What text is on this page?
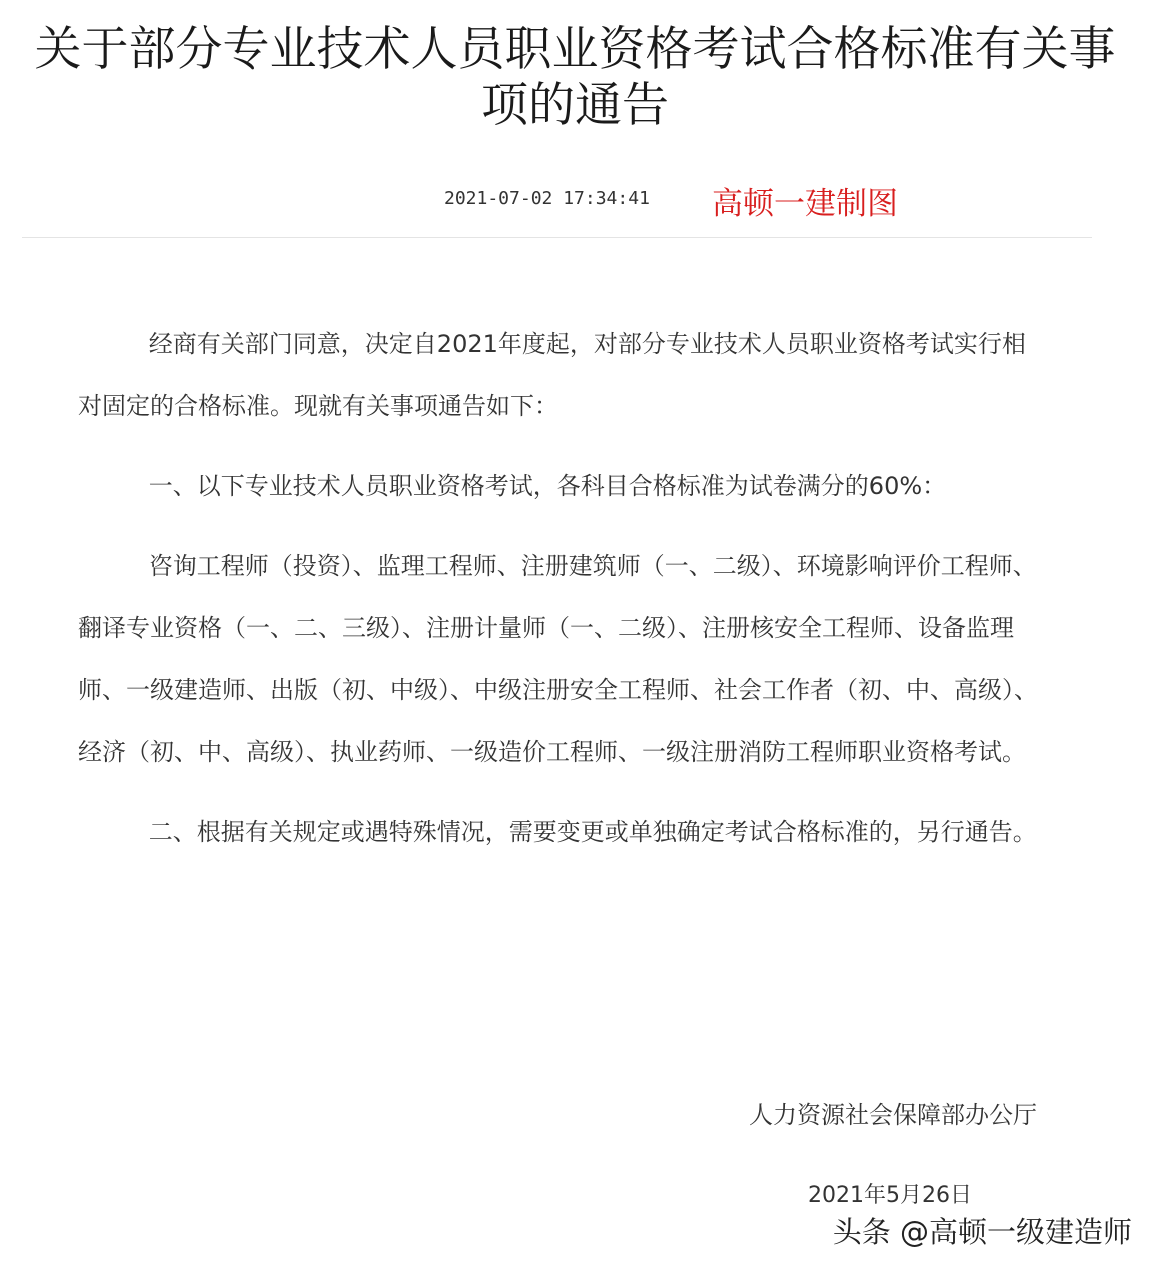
关于部分专业技术人员职业资格考试合格标准有关事项的通告
2021-07-02 17:34:41 高顿一建制图

经商有关部门同意，决定自2021年度起，对部分专业技术人员职业资格考试实行相对固定的合格标准。现就有关事项通告如下：

一、以下专业技术人员职业资格考试，各科目合格标准为试卷满分的60%：

咨询工程师（投资）、监理工程师、注册建筑师（一、二级）、环境影响评价工程师、翻译专业资格（一、二、三级）、注册计量师（一、二级）、注册核安全工程师、设备监理师、一级建造师、出版（初、中级）、中级注册安全工程师、社会工作者（初、中、高级）、经济（初、中、高级）、执业药师、一级造价工程师、一级注册消防工程师职业资格考试。

二、根据有关规定或遇特殊情况，需要变更或单独确定考试合格标准的，另行通告。

人力资源社会保障部办公厅
2021年5月26日
头条 @高顿一级建造师
